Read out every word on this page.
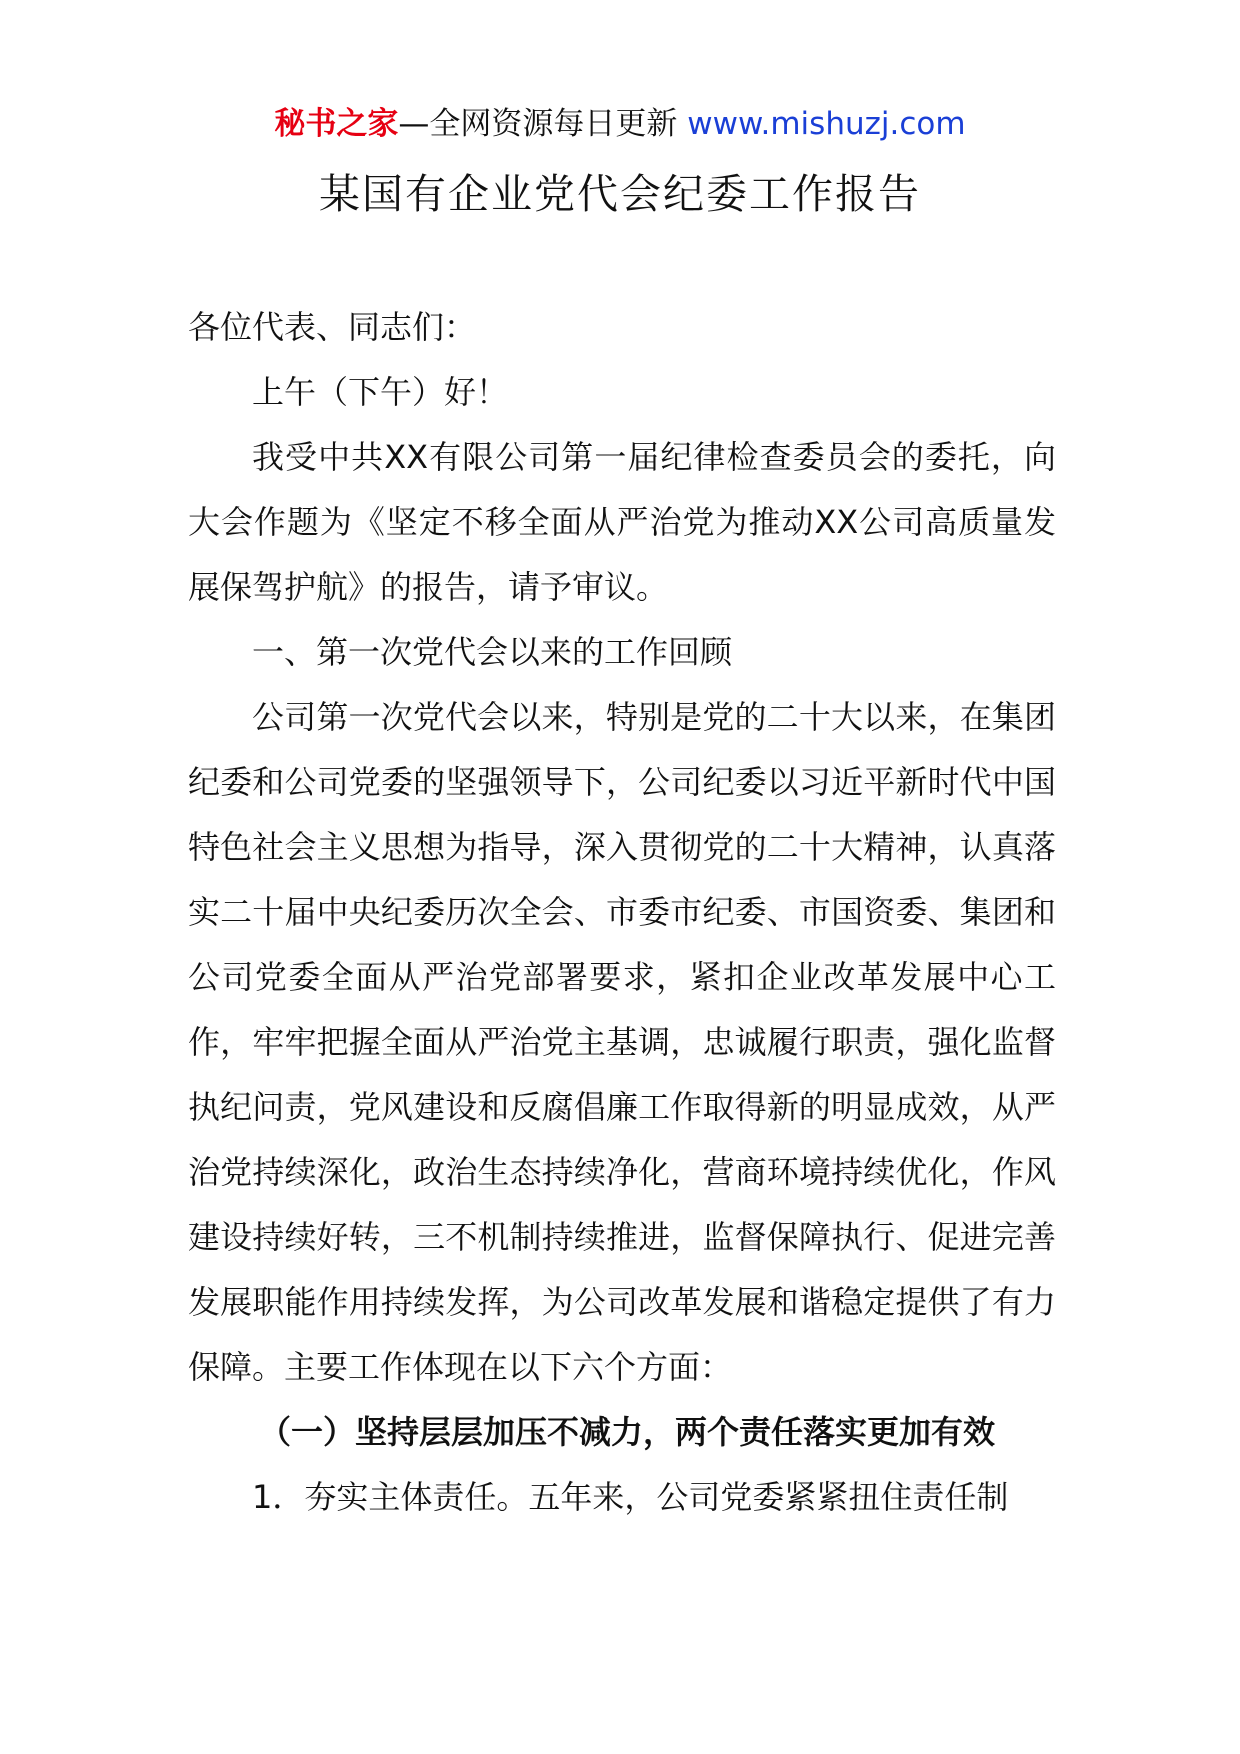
秘书之家—全网资源每日更新 www.mishuzj.com
某国有企业党代会纪委工作报告

各位代表、同志们：

上午（下午）好！

我受中共XX有限公司第一届纪律检查委员会的委托，向大会作题为《坚定不移全面从严治党为推动XX公司高质量发展保驾护航》的报告，请予审议。

一、第一次党代会以来的工作回顾

公司第一次党代会以来，特别是党的二十大以来，在集团纪委和公司党委的坚强领导下，公司纪委以习近平新时代中国特色社会主义思想为指导，深入贯彻党的二十大精神，认真落实二十届中央纪委历次全会、市委市纪委、市国资委、集团和公司党委全面从严治党部署要求，紧扣企业改革发展中心工作，牢牢把握全面从严治党主基调，忠诚履行职责，强化监督执纪问责，党风建设和反腐倡廉工作取得新的明显成效，从严治党持续深化，政治生态持续净化，营商环境持续优化，作风建设持续好转，三不机制持续推进，监督保障执行、促进完善发展职能作用持续发挥，为公司改革发展和谐稳定提供了有力保障。主要工作体现在以下六个方面：

（一）坚持层层加压不减力，两个责任落实更加有效

1．夯实主体责任。五年来，公司党委紧紧扭住责任制
